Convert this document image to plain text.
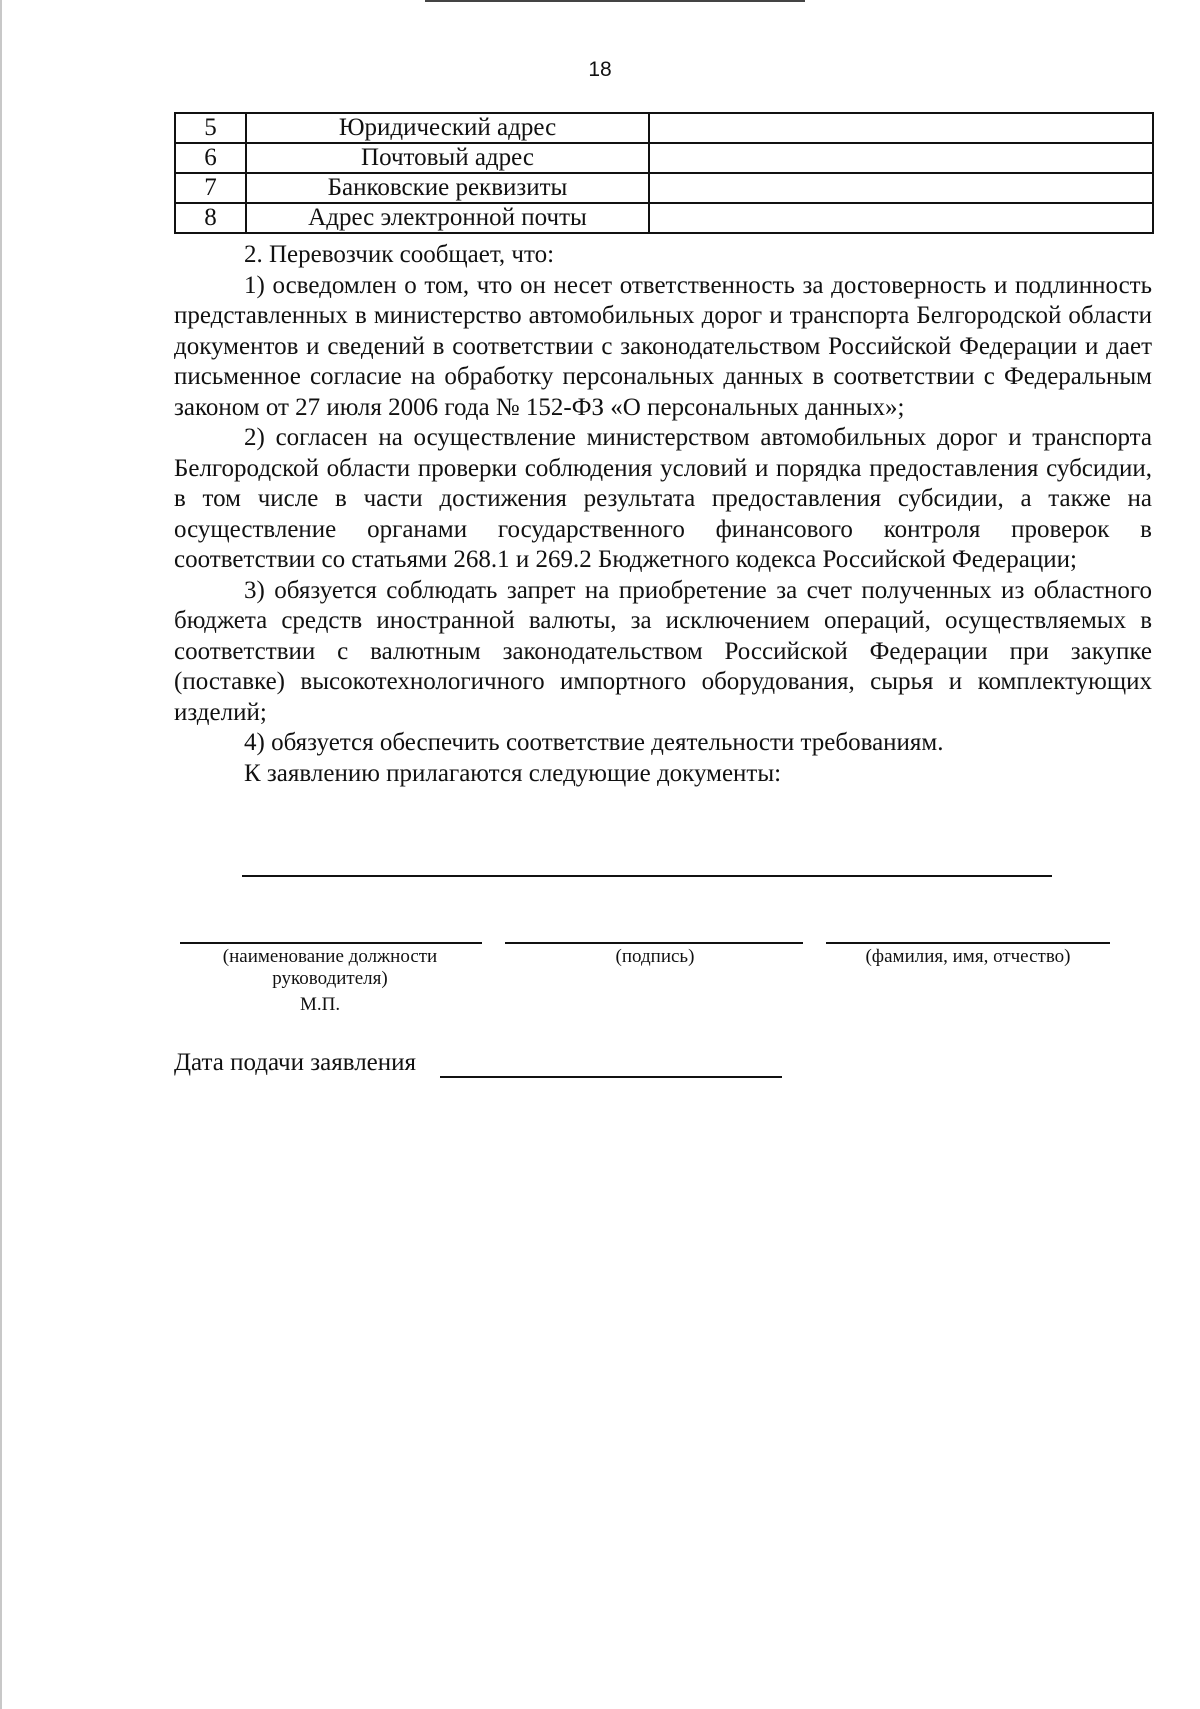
18
5	Юридический адрес	
6	Почтовый адрес	
7	Банковские реквизиты	
8	Адрес электронной почты	

2. Перевозчик сообщает, что:

1) осведомлен о том, что он несет ответственность за достоверность и подлинность представленных в министерство автомобильных дорог и транспорта Белгородской области документов и сведений в соответствии с законодательством Российской Федерации и дает письменное согласие на обработку персональных данных в соответствии с Федеральным законом от 27 июля 2006 года № 152-ФЗ «О персональных данных»;

2) согласен на осуществление министерством автомобильных дорог и транспорта Белгородской области проверки соблюдения условий и порядка предоставления субсидии, в том числе в части достижения результата предоставления субсидии, а также на осуществление органами государственного финансового контроля проверок в соответствии со статьями 268.1 и 269.2 Бюджетного кодекса Российской Федерации;

3) обязуется соблюдать запрет на приобретение за счет полученных из областного бюджета средств иностранной валюты, за исключением операций, осуществляемых в соответствии с валютным законодательством Российской Федерации при закупке (поставке) высокотехнологичного импортного оборудования, сырья и комплектующих изделий;

4) обязуется обеспечить соответствие деятельности требованиям.

К заявлению прилагаются следующие документы:

(наименование должности руководителя)
(подпись)	(фамилия, имя, отчество)
М.П.
Дата подачи заявления
